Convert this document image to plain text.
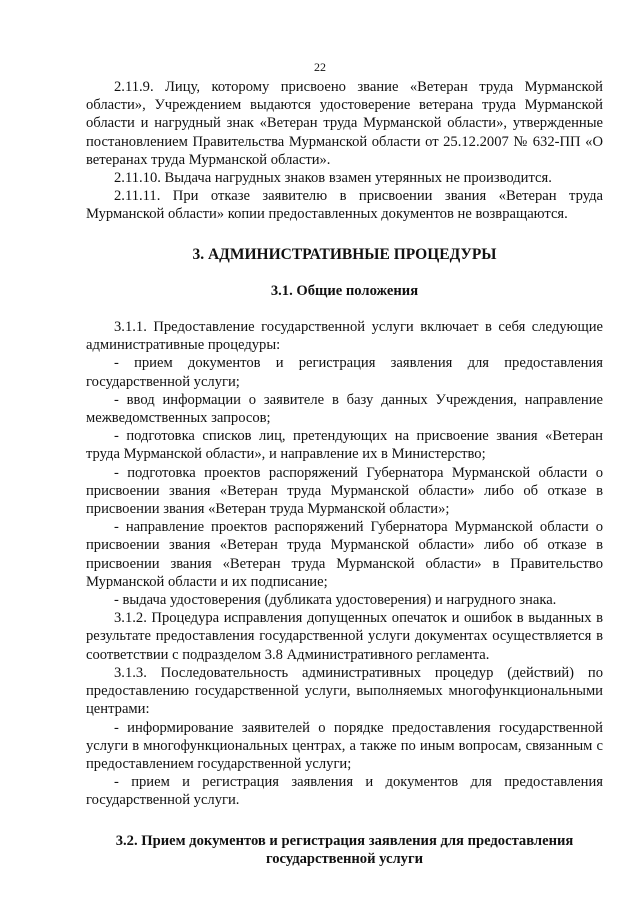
22

2.11.9. Лицу, которому присвоено звание «Ветеран труда Мурманской области», Учреждением выдаются удостоверение ветерана труда Мурманской области и нагрудный знак «Ветеран труда Мурманской области», утвержденные постановлением Правительства Мурманской области от 25.12.2007 № 632-ПП «О ветеранах труда Мурманской области».

2.11.10. Выдача нагрудных знаков взамен утерянных не производится.

2.11.11. При отказе заявителю в присвоении звания «Ветеран труда Мурманской области» копии предоставленных документов не возвращаются.

3. АДМИНИСТРАТИВНЫЕ ПРОЦЕДУРЫ
3.1. Общие положения

3.1.1. Предоставление государственной услуги включает в себя следующие административные процедуры:

- прием документов и регистрация заявления для предоставления государственной услуги;

- ввод информации о заявителе в базу данных Учреждения, направление межведомственных запросов;

- подготовка списков лиц, претендующих на присвоение звания «Ветеран труда Мурманской области», и направление их в Министерство;

- подготовка проектов распоряжений Губернатора Мурманской области о присвоении звания «Ветеран труда Мурманской области» либо об отказе в присвоении звания «Ветеран труда Мурманской области»;

- направление проектов распоряжений Губернатора Мурманской области о присвоении звания «Ветеран труда Мурманской области» либо об отказе в присвоении звания «Ветеран труда Мурманской области» в Правительство Мурманской области и их подписание;

- выдача удостоверения (дубликата удостоверения) и нагрудного знака.

3.1.2. Процедура исправления допущенных опечаток и ошибок в выданных в результате предоставления государственной услуги документах осуществляется в соответствии с подразделом 3.8 Административного регламента.

3.1.3. Последовательность административных процедур (действий) по предоставлению государственной услуги, выполняемых многофункциональными центрами:

- информирование заявителей о порядке предоставления государственной услуги в многофункциональных центрах, а также по иным вопросам, связанным с предоставлением государственной услуги;

- прием и регистрация заявления и документов для предоставления государственной услуги.

3.2. Прием документов и регистрация заявления для предоставления государственной услуги
